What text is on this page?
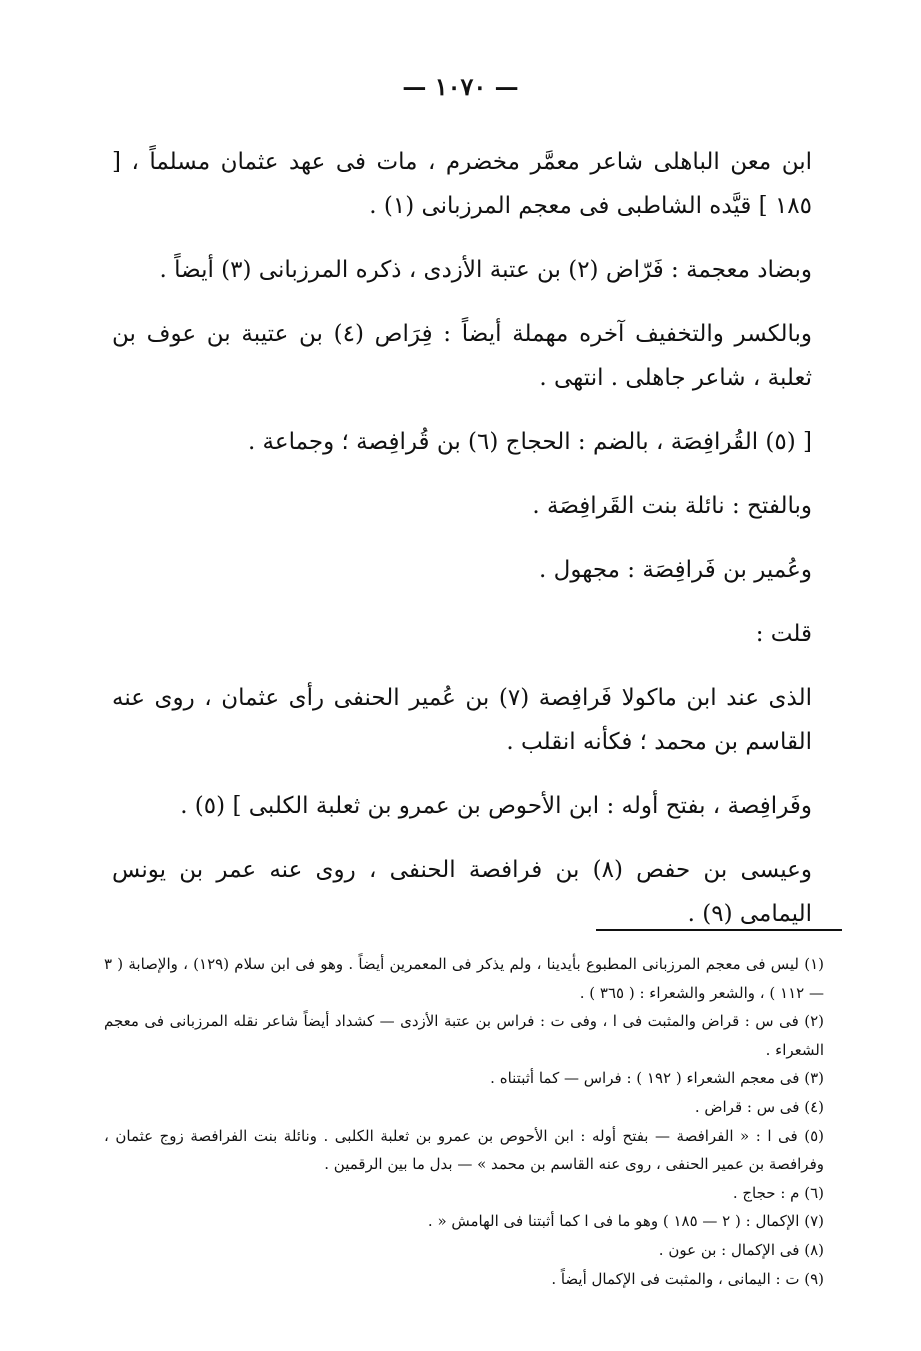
— ١٠٧٠ —

ابن معن الباهلى شاعر معمَّر مخضرم ، مات فى عهد عثمان مسلماً ، [ ١٨٥ ] قيَّده الشاطبى فى معجم المرزبانى (١) .

وبضاد معجمة : فَرّاض (٢) بن عتبة الأزدى ، ذكره المرزبانى (٣) أيضاً .

وبالكسر والتخفيف آخره مهملة أيضاً : فِرَاص (٤) بن عتيبة بن عوف بن ثعلبة ، شاعر جاهلى . انتهى .

[ (٥) القُرافِصَة ، بالضم : الحجاج (٦) بن قُرافِصة ؛ وجماعة .

وبالفتح : نائلة بنت القَرافِصَة .

وعُمير بن فَرافِصَة : مجهول .

قلت :

الذى عند ابن ماكولا فَرافِصة (٧) بن عُمير الحنفى رأى عثمان ، روى عنه القاسم بن محمد ؛ فكأنه انقلب .

وفَرافِصة ، بفتح أوله : ابن الأحوص بن عمرو بن ثعلبة الكلبى ] (٥) .

وعيسى بن حفص (٨) بن فرافصة الحنفى ، روى عنه عمر بن يونس اليمامى (٩) .

(١) ليس فى معجم المرزبانى المطبوع بأيدينا ، ولم يذكر فى المعمرين أيضاً . وهو فى ابن سلام (١٢٩) ، والإصابة ( ٣ — ١١٢ ) ، والشعر والشعراء : ( ٣٦٥ ) .

(٢) فى س : قراض والمثبت فى ا ، وفى ت : فراس بن عتبة الأزدى — كشداد أيضاً شاعر نقله المرزبانى فى معجم الشعراء .

(٣) فى معجم الشعراء ( ١٩٢ ) : فراس — كما أثبتناه .

(٤) فى س : قراض .

(٥) فى ا : « الفرافصة — بفتح أوله : ابن الأحوص بن عمرو بن ثعلبة الكلبى . ونائلة بنت الفرافصة زوج عثمان ، وفرافصة بن عمير الحنفى ، روى عنه القاسم بن محمد » — بدل ما بين الرقمين .

(٦) م : حجاج .

(٧) الإكمال : ( ٢ — ١٨٥ ) وهو ما فى ا كما أثبتنا فى الهامش « .

(٨) فى الإكمال : بن عون .

(٩) ت : اليمانى ، والمثبت فى الإكمال أيضاً .
